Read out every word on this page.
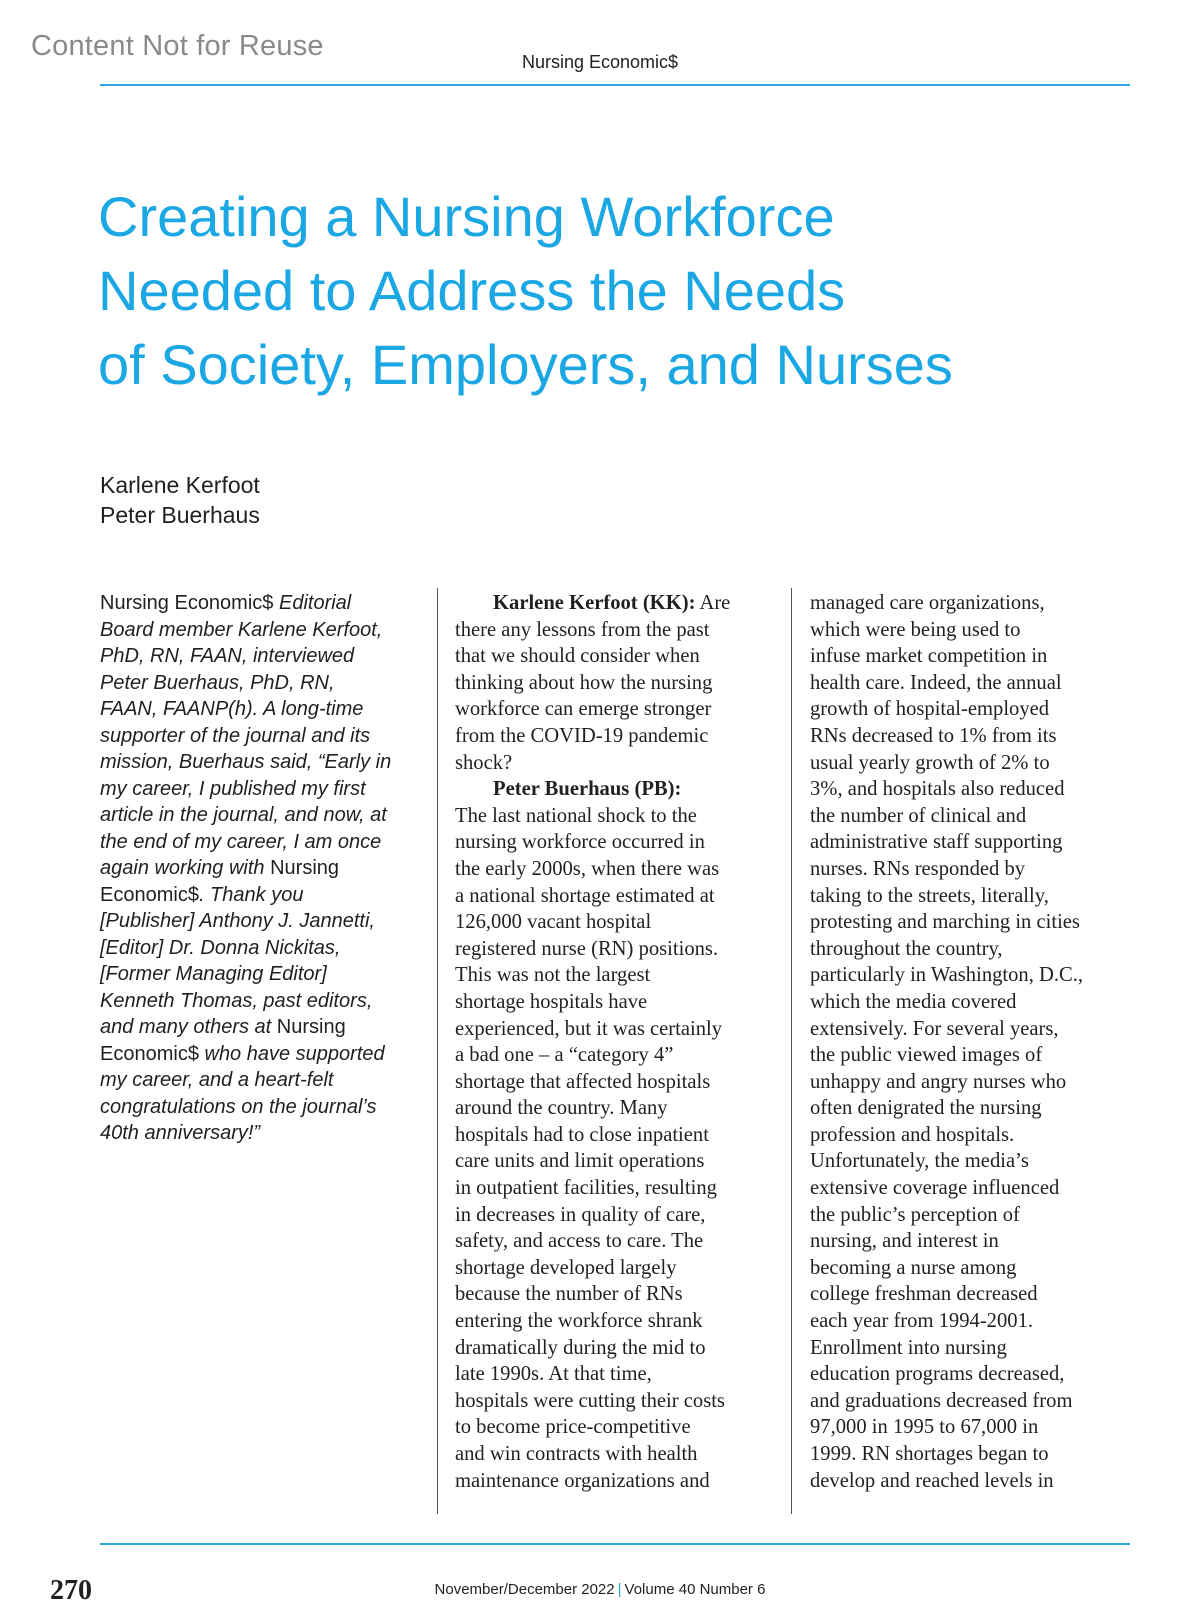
Content Not for Reuse	Nursing Economic$
Creating a Nursing Workforce
Needed to Address the Needs
of Society, Employers, and Nurses
Karlene Kerfoot
Peter Buerhaus
Nursing Economic$ Editorial
Board member Karlene Kerfoot,
PhD, RN, FAAN, interviewed
Peter Buerhaus, PhD, RN,
FAAN, FAANP(h). A long-time
supporter of the journal and its
mission, Buerhaus said, “Early in
my career, I published my first
article in the journal, and now, at
the end of my career, I am once
again working with Nursing
Economic$. Thank you
[Publisher] Anthony J. Jannetti,
[Editor] Dr. Donna Nickitas,
[Former Managing Editor]
Kenneth Thomas, past editors,
and many others at Nursing
Economic$ who have supported
my career, and a heart-felt
congratulations on the journal’s
40th anniversary!”
Karlene Kerfoot (KK): Are
there any lessons from the past
that we should consider when
thinking about how the nursing
workforce can emerge stronger
from the COVID-19 pandemic
shock?
Peter Buerhaus (PB):
The last national shock to the
nursing workforce occurred in
the early 2000s, when there was
a national shortage estimated at
126,000 vacant hospital
registered nurse (RN) positions.
This was not the largest
shortage hospitals have
experienced, but it was certainly
a bad one – a “category 4”
shortage that affected hospitals
around the country. Many
hospitals had to close inpatient
care units and limit operations
in outpatient facilities, resulting
in decreases in quality of care,
safety, and access to care. The
shortage developed largely
because the number of RNs
entering the workforce shrank
dramatically during the mid to
late 1990s. At that time,
hospitals were cutting their costs
to become price-competitive
and win contracts with health
maintenance organizations and
managed care organizations,
which were being used to
infuse market competition in
health care. Indeed, the annual
growth of hospital-employed
RNs decreased to 1% from its
usual yearly growth of 2% to
3%, and hospitals also reduced
the number of clinical and
administrative staff supporting
nurses. RNs responded by
taking to the streets, literally,
protesting and marching in cities
throughout the country,
particularly in Washington, D.C.,
which the media covered
extensively. For several years,
the public viewed images of
unhappy and angry nurses who
often denigrated the nursing
profession and hospitals.
Unfortunately, the media’s
extensive coverage influenced
the public’s perception of
nursing, and interest in
becoming a nurse among
college freshman decreased
each year from 1994-2001.
Enrollment into nursing
education programs decreased,
and graduations decreased from
97,000 in 1995 to 67,000 in
1999. RN shortages began to
develop and reached levels in
270	November/December 2022 | Volume 40 Number 6
